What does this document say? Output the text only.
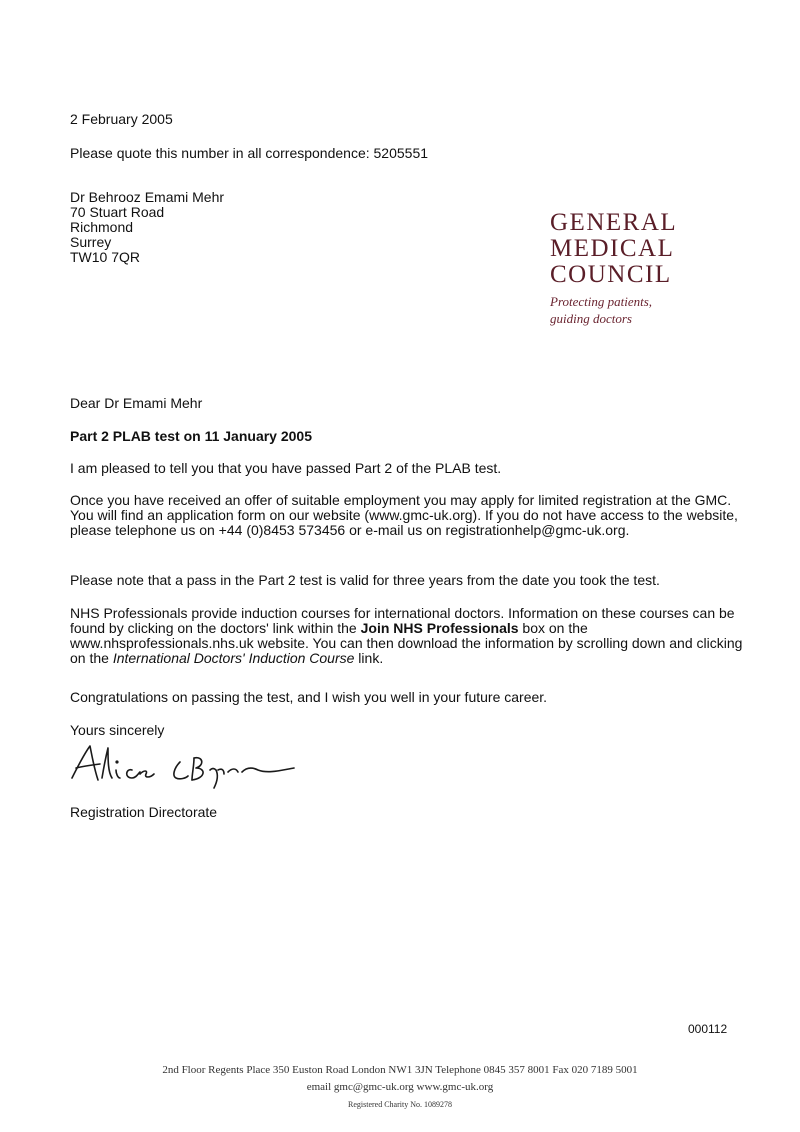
2 February 2005

Please quote this number in all correspondence: 5205551

Dr Behrooz Emami Mehr
70 Stuart Road
Richmond
Surrey
TW10 7QR
GENERAL
MEDICAL
COUNCIL
Protecting patients,
guiding doctors

Dear Dr Emami Mehr

Part 2 PLAB test on 11 January 2005

I am pleased to tell you that you have passed Part 2 of the PLAB test.

Once you have received an offer of suitable employment you may apply for limited registration at the GMC. You will find an application form on our website (www.gmc-uk.org). If you do not have access to the website, please telephone us on +44 (0)8453 573456 or e-mail us on registrationhelp@gmc-uk.org.

Please note that a pass in the Part 2 test is valid for three years from the date you took the test.

NHS Professionals provide induction courses for international doctors. Information on these courses can be found by clicking on the doctors' link within the Join NHS Professionals box on the www.nhsprofessionals.nhs.uk website. You can then download the information by scrolling down and clicking on the International Doctors' Induction Course link.

Congratulations on passing the test, and I wish you well in your future career.

Yours sincerely

Registration Directorate

000112
2nd Floor Regents Place 350 Euston Road London NW1 3JN Telephone 0845 357 8001 Fax 020 7189 5001
email gmc@gmc-uk.org www.gmc-uk.org
Registered Charity No. 1089278
